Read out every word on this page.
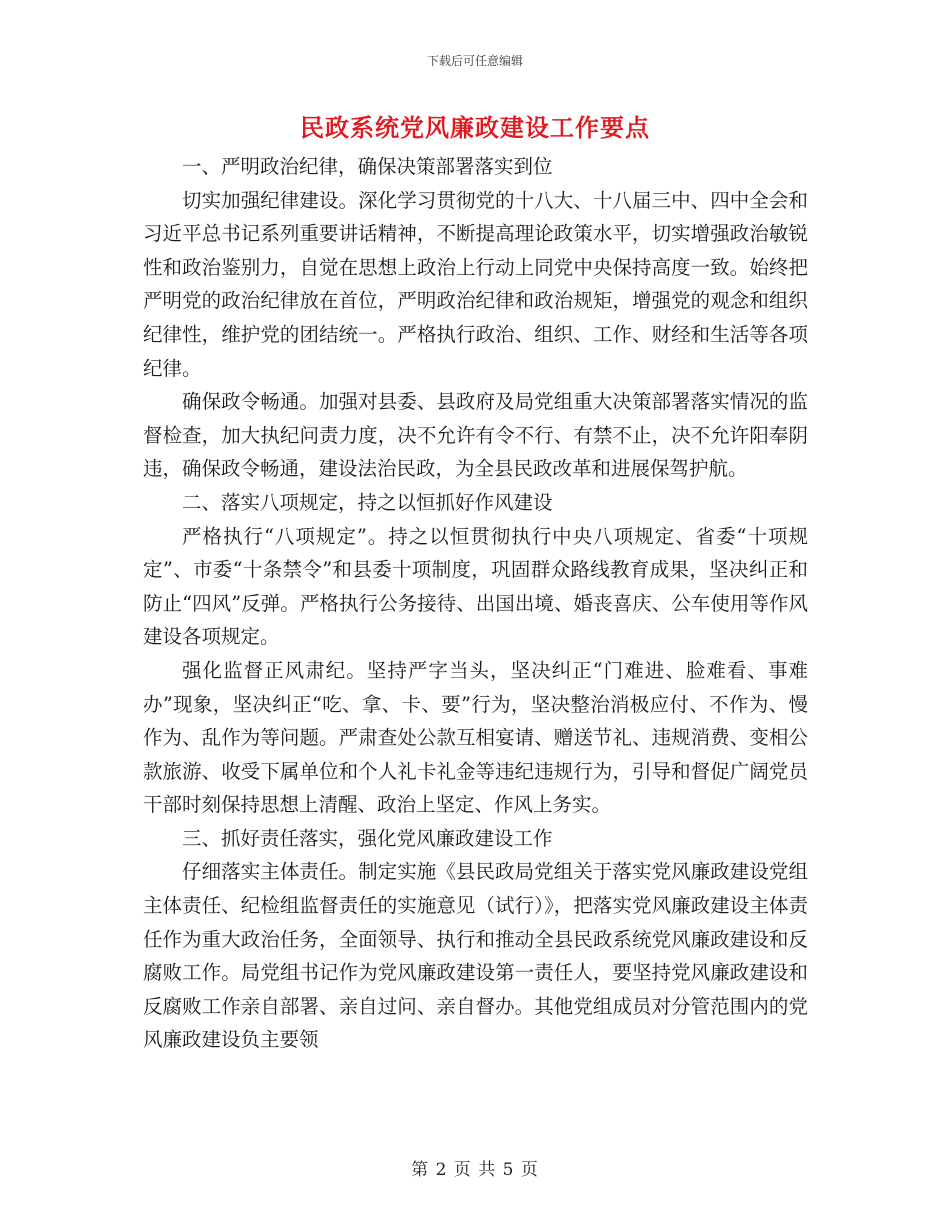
下载后可任意编辑
民政系统党风廉政建设工作要点

一、严明政治纪律，确保决策部署落实到位

切实加强纪律建设。深化学习贯彻党的十八大、十八届三中、四中全会和习近平总书记系列重要讲话精神，不断提高理论政策水平，切实增强政治敏锐性和政治鉴别力，自觉在思想上政治上行动上同党中央保持高度一致。始终把严明党的政治纪律放在首位，严明政治纪律和政治规矩，增强党的观念和组织纪律性，维护党的团结统一。严格执行政治、组织、工作、财经和生活等各项纪律。

确保政令畅通。加强对县委、县政府及局党组重大决策部署落实情况的监督检查，加大执纪问责力度，决不允许有令不行、有禁不止，决不允许阳奉阴违，确保政令畅通，建设法治民政，为全县民政改革和进展保驾护航。

二、落实八项规定，持之以恒抓好作风建设

严格执行“八项规定”。持之以恒贯彻执行中央八项规定、省委“十项规定”、市委“十条禁令”和县委十项制度，巩固群众路线教育成果，坚决纠正和防止“四风”反弹。严格执行公务接待、出国出境、婚丧喜庆、公车使用等作风建设各项规定。

强化监督正风肃纪。坚持严字当头，坚决纠正“门难进、脸难看、事难办”现象，坚决纠正“吃、拿、卡、要”行为，坚决整治消极应付、不作为、慢作为、乱作为等问题。严肃查处公款互相宴请、赠送节礼、违规消费、变相公款旅游、收受下属单位和个人礼卡礼金等违纪违规行为，引导和督促广阔党员干部时刻保持思想上清醒、政治上坚定、作风上务实。

三、抓好责任落实，强化党风廉政建设工作

仔细落实主体责任。制定实施《县民政局党组关于落实党风廉政建设党组主体责任、纪检组监督责任的实施意见（试行）》，把落实党风廉政建设主体责任作为重大政治任务，全面领导、执行和推动全县民政系统党风廉政建设和反腐败工作。局党组书记作为党风廉政建设第一责任人，要坚持党风廉政建设和反腐败工作亲自部署、亲自过问、亲自督办。其他党组成员对分管范围内的党风廉政建设负主要领

第 2 页 共 5 页
